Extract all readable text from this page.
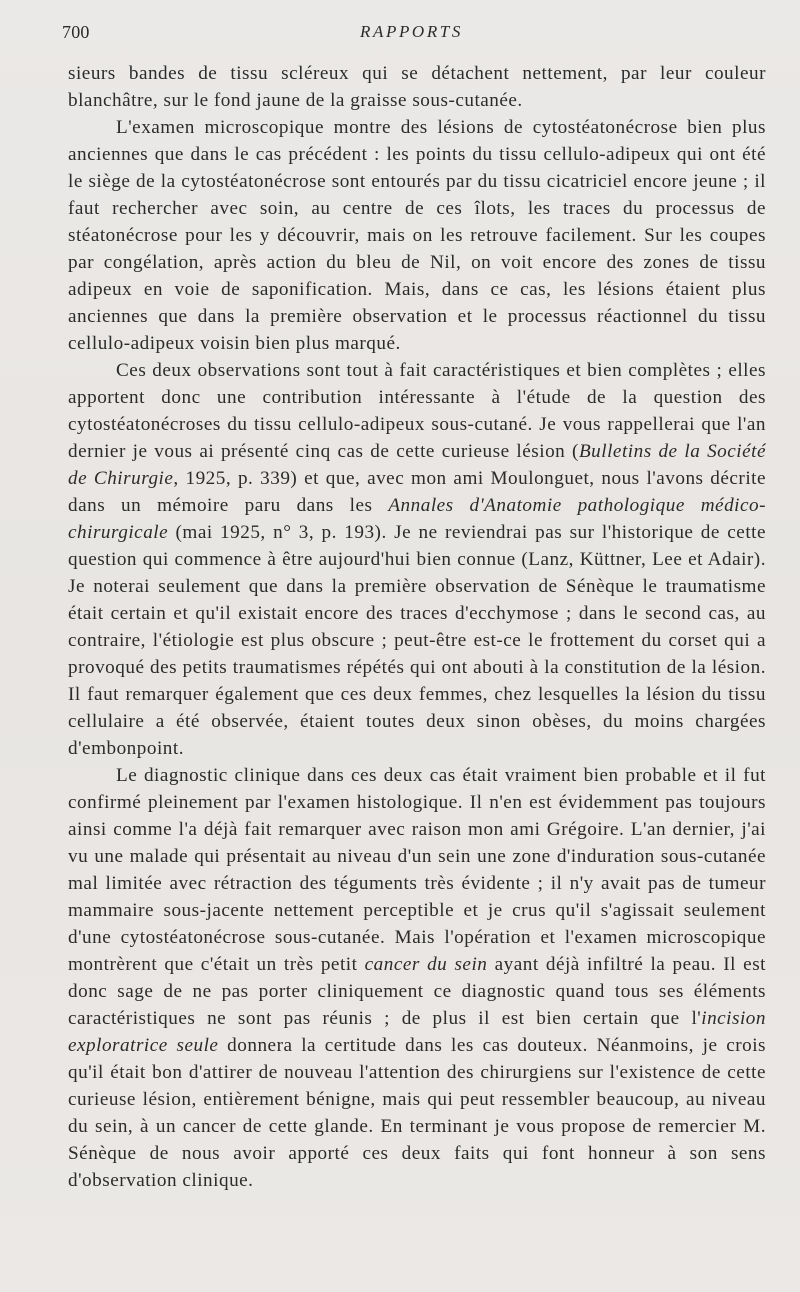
700	RAPPORTS

sieurs bandes de tissu scléreux qui se détachent nettement, par leur couleur blanchâtre, sur le fond jaune de la graisse sous-cutanée.

L'examen microscopique montre des lésions de cytostéatonécrose bien plus anciennes que dans le cas précédent : les points du tissu cellulo-adipeux qui ont été le siège de la cytostéatonécrose sont entourés par du tissu cicatriciel encore jeune ; il faut rechercher avec soin, au centre de ces îlots, les traces du processus de stéatonécrose pour les y découvrir, mais on les retrouve facilement. Sur les coupes par congélation, après action du bleu de Nil, on voit encore des zones de tissu adipeux en voie de saponification. Mais, dans ce cas, les lésions étaient plus anciennes que dans la première observation et le processus réactionnel du tissu cellulo-adipeux voisin bien plus marqué.

Ces deux observations sont tout à fait caractéristiques et bien complètes ; elles apportent donc une contribution intéressante à l'étude de la question des cytostéatonécroses du tissu cellulo-adipeux sous-cutané. Je vous rappellerai que l'an dernier je vous ai présenté cinq cas de cette curieuse lésion (Bulletins de la Société de Chirurgie, 1925, p. 339) et que, avec mon ami Moulonguet, nous l'avons décrite dans un mémoire paru dans les Annales d'Anatomie pathologique médico-chirurgicale (mai 1925, n° 3, p. 193). Je ne reviendrai pas sur l'historique de cette question qui commence à être aujourd'hui bien connue (Lanz, Küttner, Lee et Adair). Je noterai seulement que dans la première observation de Sénèque le traumatisme était certain et qu'il existait encore des traces d'ecchymose ; dans le second cas, au contraire, l'étiologie est plus obscure ; peut-être est-ce le frottement du corset qui a provoqué des petits traumatismes répétés qui ont abouti à la constitution de la lésion. Il faut remarquer également que ces deux femmes, chez lesquelles la lésion du tissu cellulaire a été observée, étaient toutes deux sinon obèses, du moins chargées d'embonpoint.

Le diagnostic clinique dans ces deux cas était vraiment bien probable et il fut confirmé pleinement par l'examen histologique. Il n'en est évidemment pas toujours ainsi comme l'a déjà fait remarquer avec raison mon ami Grégoire. L'an dernier, j'ai vu une malade qui présentait au niveau d'un sein une zone d'induration sous-cutanée mal limitée avec rétraction des téguments très évidente ; il n'y avait pas de tumeur mammaire sous-jacente nettement perceptible et je crus qu'il s'agissait seulement d'une cytostéatonécrose sous-cutanée. Mais l'opération et l'examen microscopique montrèrent que c'était un très petit cancer du sein ayant déjà infiltré la peau. Il est donc sage de ne pas porter cliniquement ce diagnostic quand tous ses éléments caractéristiques ne sont pas réunis ; de plus il est bien certain que l'incision exploratrice seule donnera la certitude dans les cas douteux. Néanmoins, je crois qu'il était bon d'attirer de nouveau l'attention des chirurgiens sur l'existence de cette curieuse lésion, entièrement bénigne, mais qui peut ressembler beaucoup, au niveau du sein, à un cancer de cette glande. En terminant je vous propose de remercier M. Sénèque de nous avoir apporté ces deux faits qui font honneur à son sens d'observation clinique.
